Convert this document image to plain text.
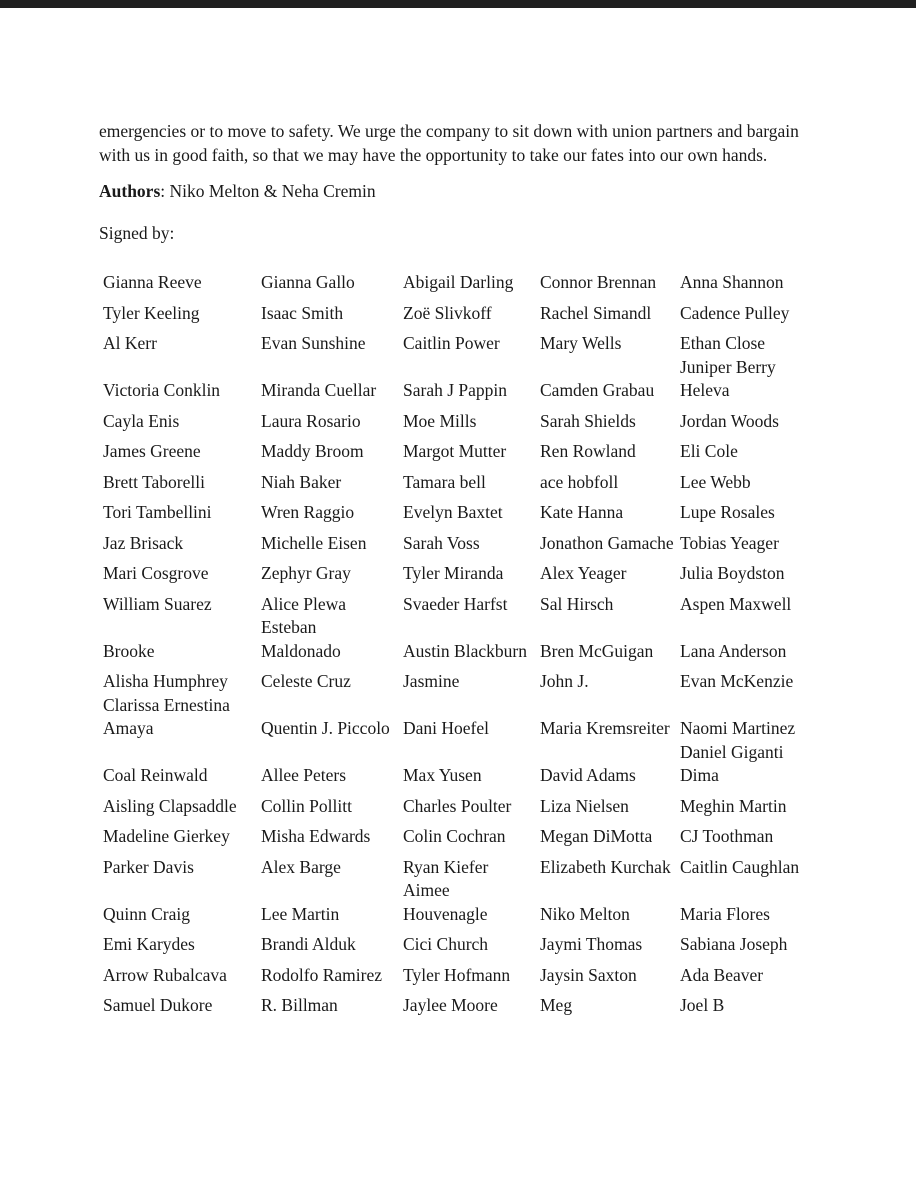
emergencies or to move to safety. We urge the company to sit down with union partners and bargain with us in good faith, so that we may have the opportunity to take our fates into our own hands.

Authors: Niko Melton & Neha Cremin

Signed by:

Gianna Reeve	Gianna Gallo	Abigail Darling	Connor Brennan	Anna Shannon
Tyler Keeling	Isaac Smith	Zoë Slivkoff	Rachel Simandl	Cadence Pulley
Al Kerr	Evan Sunshine	Caitlin Power	Mary Wells	Ethan Close
Victoria Conklin	Miranda Cuellar	Sarah J Pappin	Camden Grabau	Juniper Berry Heleva
Cayla Enis	Laura Rosario	Moe Mills	Sarah Shields	Jordan Woods
James Greene	Maddy Broom	Margot Mutter	Ren Rowland	Eli Cole
Brett Taborelli	Niah Baker	Tamara bell	ace hobfoll	Lee Webb
Tori Tambellini	Wren Raggio	Evelyn Baxtet	Kate Hanna	Lupe Rosales
Jaz Brisack	Michelle Eisen	Sarah Voss	Jonathon Gamache	Tobias Yeager
Mari Cosgrove	Zephyr Gray	Tyler Miranda	Alex Yeager	Julia Boydston
William Suarez	Alice Plewa	Svaeder Harfst	Sal Hirsch	Aspen Maxwell
Brooke	Esteban Maldonado	Austin Blackburn	Bren McGuigan	Lana Anderson
Alisha Humphrey	Celeste Cruz	Jasmine	John J.	Evan McKenzie
Clarissa Ernestina Amaya	Quentin J. Piccolo	Dani Hoefel	Maria Kremsreiter	Naomi Martinez
Coal Reinwald	Allee Peters	Max Yusen	David Adams	Daniel Giganti Dima
Aisling Clapsaddle	Collin Pollitt	Charles Poulter	Liza Nielsen	Meghin Martin
Madeline Gierkey	Misha Edwards	Colin Cochran	Megan DiMotta	CJ Toothman
Parker Davis	Alex Barge	Ryan Kiefer	Elizabeth Kurchak	Caitlin Caughlan
Quinn Craig	Lee Martin	Aimee Houvenagle	Niko Melton	Maria Flores
Emi Karydes	Brandi Alduk	Cici Church	Jaymi Thomas	Sabiana Joseph
Arrow Rubalcava	Rodolfo Ramirez	Tyler Hofmann	Jaysin Saxton	Ada Beaver
Samuel Dukore	R. Billman	Jaylee Moore	Meg	Joel B
